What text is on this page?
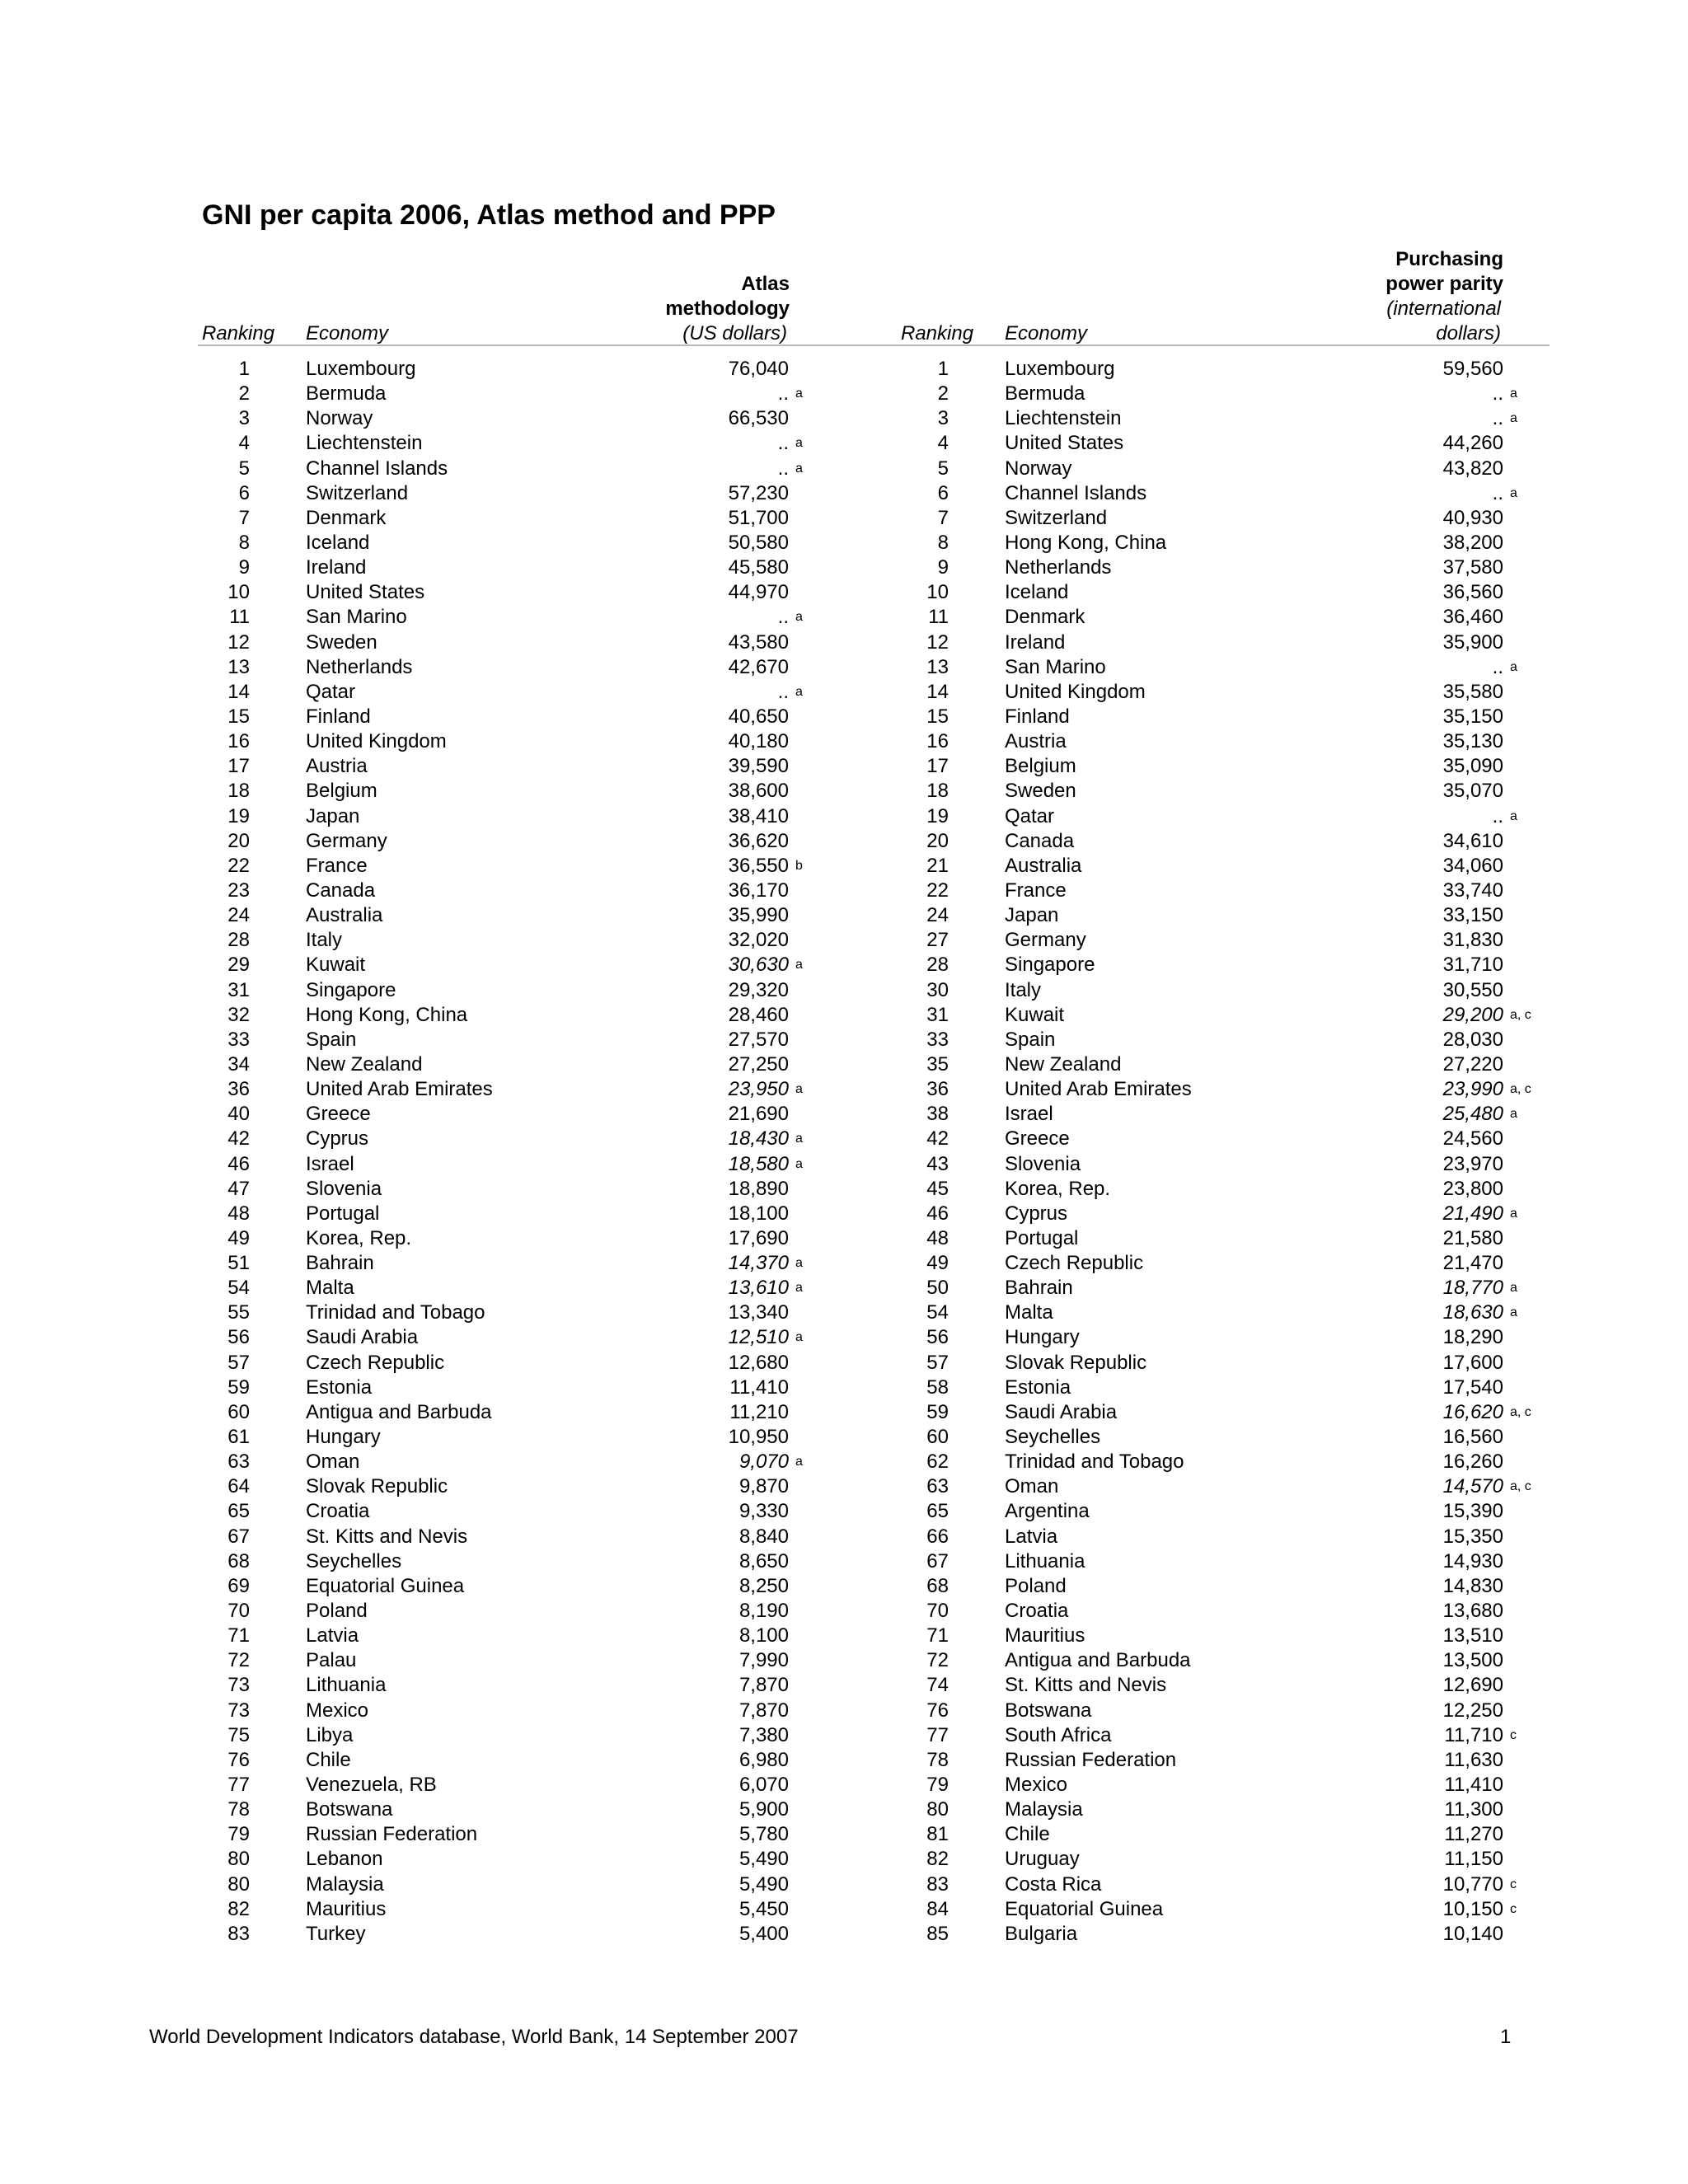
GNI per capita 2006, Atlas method and PPP
Atlas
methodology
Ranking Economy	(US dollars)
Purchasing
power parity
(international
Ranking Economy	dollars)
1	Luxembourg	76,040
2	Bermuda	.. a
3	Norway	66,530
4	Liechtenstein	.. a
5	Channel Islands	.. a
6	Switzerland	57,230
7	Denmark	51,700
8	Iceland	50,580
9	Ireland	45,580
10	United States	44,970
11	San Marino	.. a
12	Sweden	43,580
13	Netherlands	42,670
14	Qatar	.. a
15	Finland	40,650
16	United Kingdom	40,180
17	Austria	39,590
18	Belgium	38,600
19	Japan	38,410
20	Germany	36,620
22	France	36,550 b
23	Canada	36,170
24	Australia	35,990
28	Italy	32,020
29	Kuwait	30,630 a
31	Singapore	29,320
32	Hong Kong, China	28,460
33	Spain	27,570
34	New Zealand	27,250
36	United Arab Emirates	23,950 a
40	Greece	21,690
42	Cyprus	18,430 a
46	Israel	18,580 a
47	Slovenia	18,890
48	Portugal	18,100
49	Korea, Rep.	17,690
51	Bahrain	14,370 a
54	Malta	13,610 a
55	Trinidad and Tobago	13,340
56	Saudi Arabia	12,510 a
57	Czech Republic	12,680
59	Estonia	11,410
60	Antigua and Barbuda	11,210
61	Hungary	10,950
63	Oman	9,070 a
64	Slovak Republic	9,870
65	Croatia	9,330
67	St. Kitts and Nevis	8,840
68	Seychelles	8,650
69	Equatorial Guinea	8,250
70	Poland	8,190
71	Latvia	8,100
72	Palau	7,990
73	Lithuania	7,870
73	Mexico	7,870
75	Libya	7,380
76	Chile	6,980
77	Venezuela, RB	6,070
78	Botswana	5,900
79	Russian Federation	5,780
80	Lebanon	5,490
80	Malaysia	5,490
82	Mauritius	5,450
83	Turkey	5,400
1	Luxembourg	59,560
2	Bermuda	.. a
3	Liechtenstein	.. a
4	United States	44,260
5	Norway	43,820
6	Channel Islands	.. a
7	Switzerland	40,930
8	Hong Kong, China	38,200
9	Netherlands	37,580
10	Iceland	36,560
11	Denmark	36,460
12	Ireland	35,900
13	San Marino	.. a
14	United Kingdom	35,580
15	Finland	35,150
16	Austria	35,130
17	Belgium	35,090
18	Sweden	35,070
19	Qatar	.. a
20	Canada	34,610
21	Australia	34,060
22	France	33,740
24	Japan	33,150
27	Germany	31,830
28	Singapore	31,710
30	Italy	30,550
31	Kuwait	29,200 a, c
33	Spain	28,030
35	New Zealand	27,220
36	United Arab Emirates	23,990 a, c
38	Israel	25,480 a
42	Greece	24,560
43	Slovenia	23,970
45	Korea, Rep.	23,800
46	Cyprus	21,490 a
48	Portugal	21,580
49	Czech Republic	21,470
50	Bahrain	18,770 a
54	Malta	18,630 a
56	Hungary	18,290
57	Slovak Republic	17,600
58	Estonia	17,540
59	Saudi Arabia	16,620 a, c
60	Seychelles	16,560
62	Trinidad and Tobago	16,260
63	Oman	14,570 a, c
65	Argentina	15,390
66	Latvia	15,350
67	Lithuania	14,930
68	Poland	14,830
70	Croatia	13,680
71	Mauritius	13,510
72	Antigua and Barbuda	13,500
74	St. Kitts and Nevis	12,690
76	Botswana	12,250
77	South Africa	11,710 c
78	Russian Federation	11,630
79	Mexico	11,410
80	Malaysia	11,300
81	Chile	11,270
82	Uruguay	11,150
83	Costa Rica	10,770 c
84	Equatorial Guinea	10,150 c
85	Bulgaria	10,140
World Development Indicators database, World Bank, 14 September 2007	1
